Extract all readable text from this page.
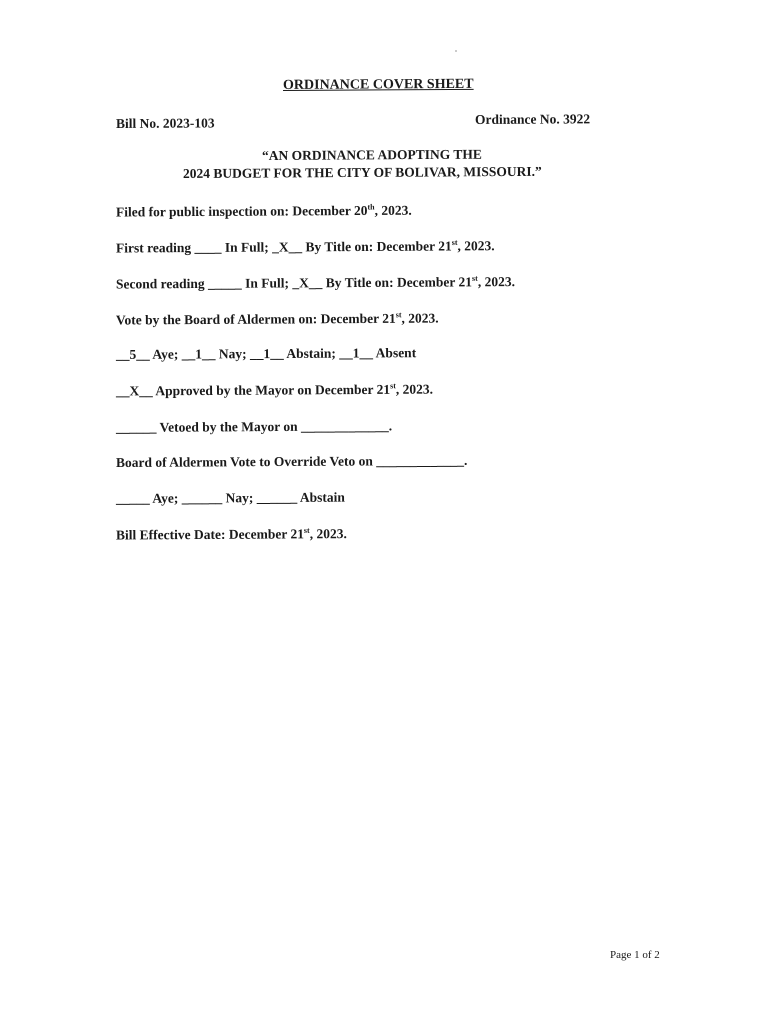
ORDINANCE COVER SHEET
Bill No. 2023-103	Ordinance No. 3922
“AN ORDINANCE ADOPTING THE
2024 BUDGET FOR THE CITY OF BOLIVAR, MISSOURI.”
Filed for public inspection on: December 20th, 2023.
First reading ____ In Full; _X__ By Title on: December 21st, 2023.
Second reading _____ In Full; _X__ By Title on: December 21st, 2023.
Vote by the Board of Aldermen on: December 21st, 2023.
__5__ Aye; __1__ Nay; __1__ Abstain; __1__ Absent
__X__ Approved by the Mayor on December 21st, 2023.
______ Vetoed by the Mayor on _____________.
Board of Aldermen Vote to Override Veto on _____________.
_____ Aye; ______ Nay; ______ Abstain
Bill Effective Date: December 21st, 2023.
Page 1 of 2
